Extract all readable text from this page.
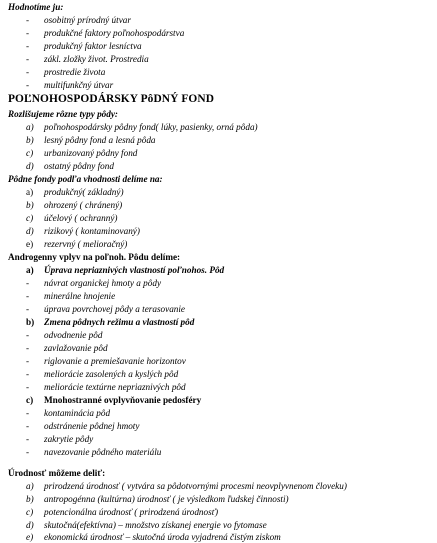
Hodnotíme ju:
- osobitný prírodný útvar
- produkčné faktory poľnohospodárstva
- produkčný faktor lesníctva
- zákl. zložky život. Prostredia
- prostredie života
- multifunkčný útvar
POĽNOHOSPODÁRSKY PôDNÝ FOND
Rozlišujeme rôzne typy pôdy:
a) poľnohospodársky pôdny fond( lúky, pasienky, orná pôda)
b) lesný pôdny fond a lesná pôda
c) urbanizovaný pôdny fond
d) ostatný pôdny fond
Pôdne fondy podľa vhodnosti delíme na:
a) produkčný( základný)
b) ohrozený ( chránený)
c) účelový ( ochranný)
d) rizikový ( kontaminovaný)
e) rezervný ( melioračný)
Androgenny vplyv na poľnoh. Pôdu delíme:
a) Úprava nepriaznivých vlastností poľnohos. Pôd
- návrat organickej hmoty a pôdy
- minerálne hnojenie
- úprava povrchovej pôdy a terasovanie
b) Zmena pôdnych režimu a vlastností pôd
- odvodnenie pôd
- zavlažovanie pôd
- riglovanie a premiešavanie horizontov
- meliorácie zasolených a kyslých pôd
- meliorácie textúrne nepriaznivých pôd
c) Mnohostranné ovplyvňovanie pedosféry
- kontaminácia pôd
- odstránenie pôdnej hmoty
- zakrytie pôdy
- navezovanie pôdného materiálu
Úrodnosť môžeme deliť:
a) prirodzená úrodnosť ( vytvára sa pôdotvornými procesmi neovplyvnenom človeku)
b) antropogénna (kultúrna) úrodnosť ( je výsledkom ľudskej činnosti)
c) potencionálna úrodnosť ( prirodzená úrodnosť)
d) skutočná(efektívna) – množstvo získanej energie vo fytomase
e) ekonomická úrodnosť – skutočná úroda vyjadrená čistým ziskom
